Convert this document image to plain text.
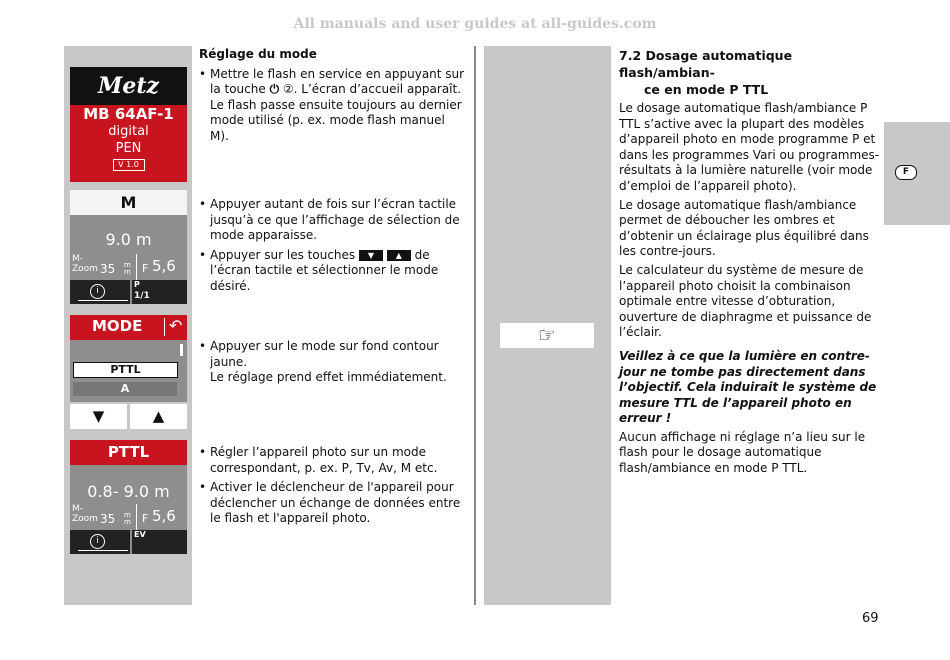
All manuals and user guides at all-guides.com
Metz
MB 64AF-1
digital
PEN
V 1.0
M
9.0 m
M-
Zoom 35 mm F 5,6
i
P
1/1
MODE ↶
PTTL
A
▼	▲
PTTL
0.8- 9.0 m
M-
Zoom 35 mm F 5,6
i
EV
Réglage du mode
• Mettre le flash en service en appuyant sur la touche ⏻ ②. L’écran d’accueil apparaît. Le flash passe ensuite toujours au dernier mode utilisé (p. ex. mode flash manuel M).
• Appuyer autant de fois sur l’écran tactile jusqu’à ce que l’affichage de sélection de mode apparaisse.
• Appuyer sur les touches ▼	▲ de l’écran tactile et sélectionner le mode désiré.
• Appuyer sur le mode sur fond contour jaune.
Le réglage prend effet immédiatement.
• Régler l’appareil photo sur un mode correspondant, p. ex. P, Tv, Av, M etc.
• Activer le déclencheur de l'appareil pour déclencher un échange de données entre le flash et l'appareil photo.
☞
7.2 Dosage automatique flash/ambian-
ce en mode P TTL
Le dosage automatique flash/ambiance P TTL s’active avec la plupart des modèles d’appareil photo en mode programme P et dans les programmes Vari ou programmes-résultats à la lumière naturelle (voir mode d’emploi de l’appareil photo).
Le dosage automatique flash/ambiance permet de déboucher les ombres et d’obtenir un éclairage plus équilibré dans les contre-jours.
Le calculateur du système de mesure de l’appareil photo choisit la combinaison optimale entre vitesse d’obturation, ouverture de diaphragme et puissance de l’éclair.
Veillez à ce que la lumière en contre-jour ne tombe pas directement dans l’objectif. Cela induirait le système de mesure TTL de l’appareil photo en erreur !
Aucun affichage ni réglage n’a lieu sur le flash pour le dosage automatique flash/ambiance en mode P TTL.
F
69
